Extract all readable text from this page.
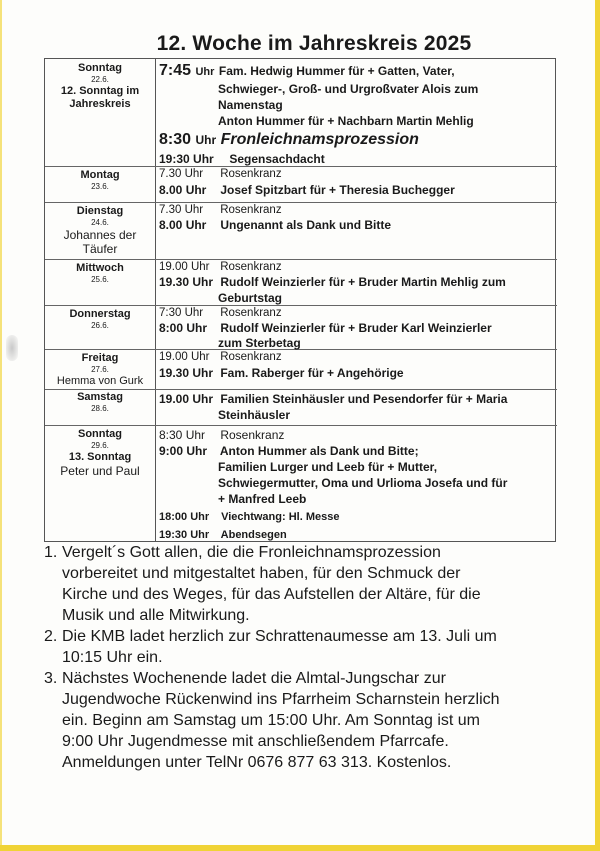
12. Woche im Jahreskreis 2025
Sonntag
22.6.
12. Sonntag im
Jahreskreis
Montag
23.6.
Dienstag
24.6.
Johannes der
Täufer
Mittwoch
25.6.
Donnerstag
26.6.
Freitag
27.6.
Hemma von Gurk
Samstag
28.6.
Sonntag
29.6.
13. Sonntag
Peter und Paul
7:45 Uhr Fam. Hedwig Hummer für + Gatten, Vater,
Schwieger-, Groß- und Urgroßvater Alois zum
Namenstag
Anton Hummer für + Nachbarn Martin Mehlig
8:30 Uhr Fronleichnamsprozession
19:30 Uhr Segensachdacht
7.30 Uhr Rosenkranz
8.00 Uhr Josef Spitzbart für + Theresia Buchegger
7.30 Uhr Rosenkranz
8.00 Uhr Ungenannt als Dank und Bitte
19.00 Uhr Rosenkranz
19.30 Uhr Rudolf Weinzierler für + Bruder Martin Mehlig zum
Geburtstag
7:30 Uhr Rosenkranz
8:00 Uhr Rudolf Weinzierler für + Bruder Karl Weinzierler
zum Sterbetag
19.00 Uhr Rosenkranz
19.30 Uhr Fam. Raberger für + Angehörige
19.00 Uhr Familien Steinhäusler und Pesendorfer für + Maria
Steinhäusler
8:30 Uhr Rosenkranz
9:00 Uhr Anton Hummer als Dank und Bitte;
Familien Lurger und Leeb für + Mutter,
Schwiegermutter, Oma und Urlioma Josefa und für
+ Manfred Leeb
18:00 Uhr Viechtwang: Hl. Messe
19:30 Uhr Abendsegen
1. Vergelt´s Gott allen, die die Fronleichnamsprozession
vorbereitet und mitgestaltet haben, für den Schmuck der
Kirche und des Weges, für das Aufstellen der Altäre, für die
Musik und alle Mitwirkung.
2. Die KMB ladet herzlich zur Schrattenaumesse am 13. Juli um
10:15 Uhr ein.
3. Nächstes Wochenende ladet die Almtal-Jungschar zur
Jugendwoche Rückenwind ins Pfarrheim Scharnstein herzlich
ein. Beginn am Samstag um 15:00 Uhr. Am Sonntag ist um
9:00 Uhr Jugendmesse mit anschließendem Pfarrcafe.
Anmeldungen unter TelNr 0676 877 63 313. Kostenlos.
